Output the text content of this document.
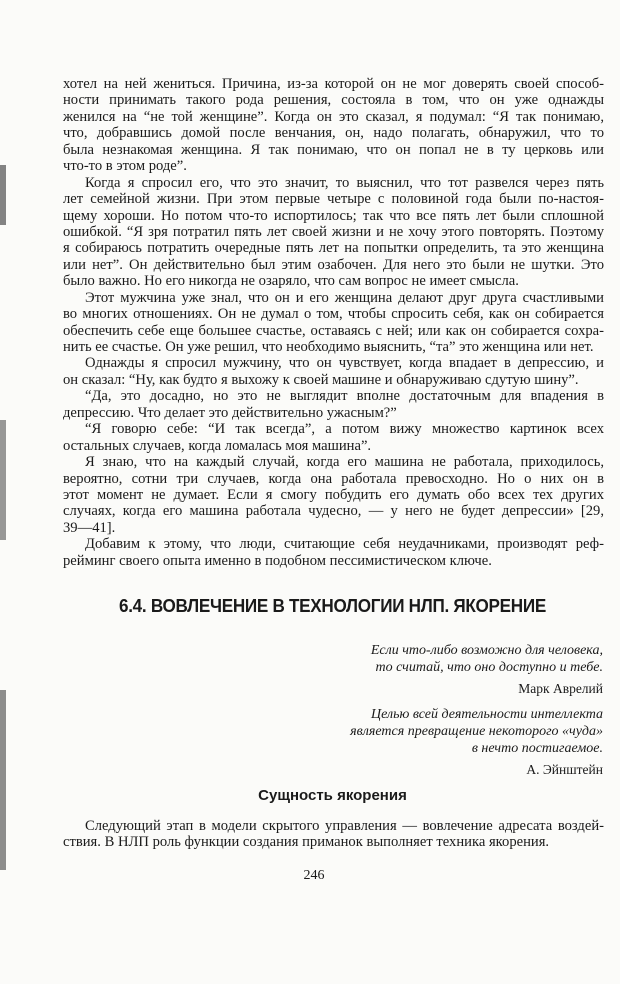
хотел на ней жениться. Причина, из-за которой он не мог доверять своей способ-
ности принимать такого рода решения, состояла в том, что он уже однажды
женился на “не той женщине”. Когда он это сказал, я подумал: “Я так понимаю,
что, добравшись домой после венчания, он, надо полагать, обнаружил, что то
была незнакомая женщина. Я так понимаю, что он попал не в ту церковь или
что-то в этом роде”.
Когда я спросил его, что это значит, то выяснил, что тот развелся через пять
лет семейной жизни. При этом первые четыре с половиной года были по-настоя-
щему хороши. Но потом что-то испортилось; так что все пять лет были сплошной
ошибкой. “Я зря потратил пять лет своей жизни и не хочу этого повторять. Поэтому
я собираюсь потратить очередные пять лет на попытки определить, та это женщина
или нет”. Он действительно был этим озабочен. Для него это были не шутки. Это
было важно. Но его никогда не озаряло, что сам вопрос не имеет смысла.
Этот мужчина уже знал, что он и его женщина делают друг друга счастливыми
во многих отношениях. Он не думал о том, чтобы спросить себя, как он собирается
обеспечить себе еще большее счастье, оставаясь с ней; или как он собирается сохра-
нить ее счастье. Он уже решил, что необходимо выяснить, “та” это женщина или нет.
Однажды я спросил мужчину, что он чувствует, когда впадает в депрессию, и
он сказал: “Ну, как будто я выхожу к своей машине и обнаруживаю сдутую шину”.
“Да, это досадно, но это не выглядит вполне достаточным для впадения в
депрессию. Что делает это действительно ужасным?”
“Я говорю себе: “И так всегда”, а потом вижу множество картинок всех
остальных случаев, когда ломалась моя машина”.
Я знаю, что на каждый случай, когда его машина не работала, приходилось,
вероятно, сотни три случаев, когда она работала превосходно. Но о них он в
этот момент не думает. Если я смогу побудить его думать обо всех тех других
случаях, когда его машина работала чудесно, — у него не будет депрессии» [29,
39—41].
Добавим к этому, что люди, считающие себя неудачниками, производят реф-
рейминг своего опыта именно в подобном пессимистическом ключе.
6.4. ВОВЛЕЧЕНИЕ В ТЕХНОЛОГИИ НЛП. ЯКОРЕНИЕ
Если что-либо возможно для человека,
то считай, что оно доступно и тебе.
Марк Аврелий
Целью всей деятельности интеллекта
является превращение некоторого «чуда»
в нечто постигаемое.
А. Эйнштейн
Сущность якорения
Следующий этап в модели скрытого управления — вовлечение адресата воздей-
ствия. В НЛП роль функции создания приманок выполняет техника якорения.
246
